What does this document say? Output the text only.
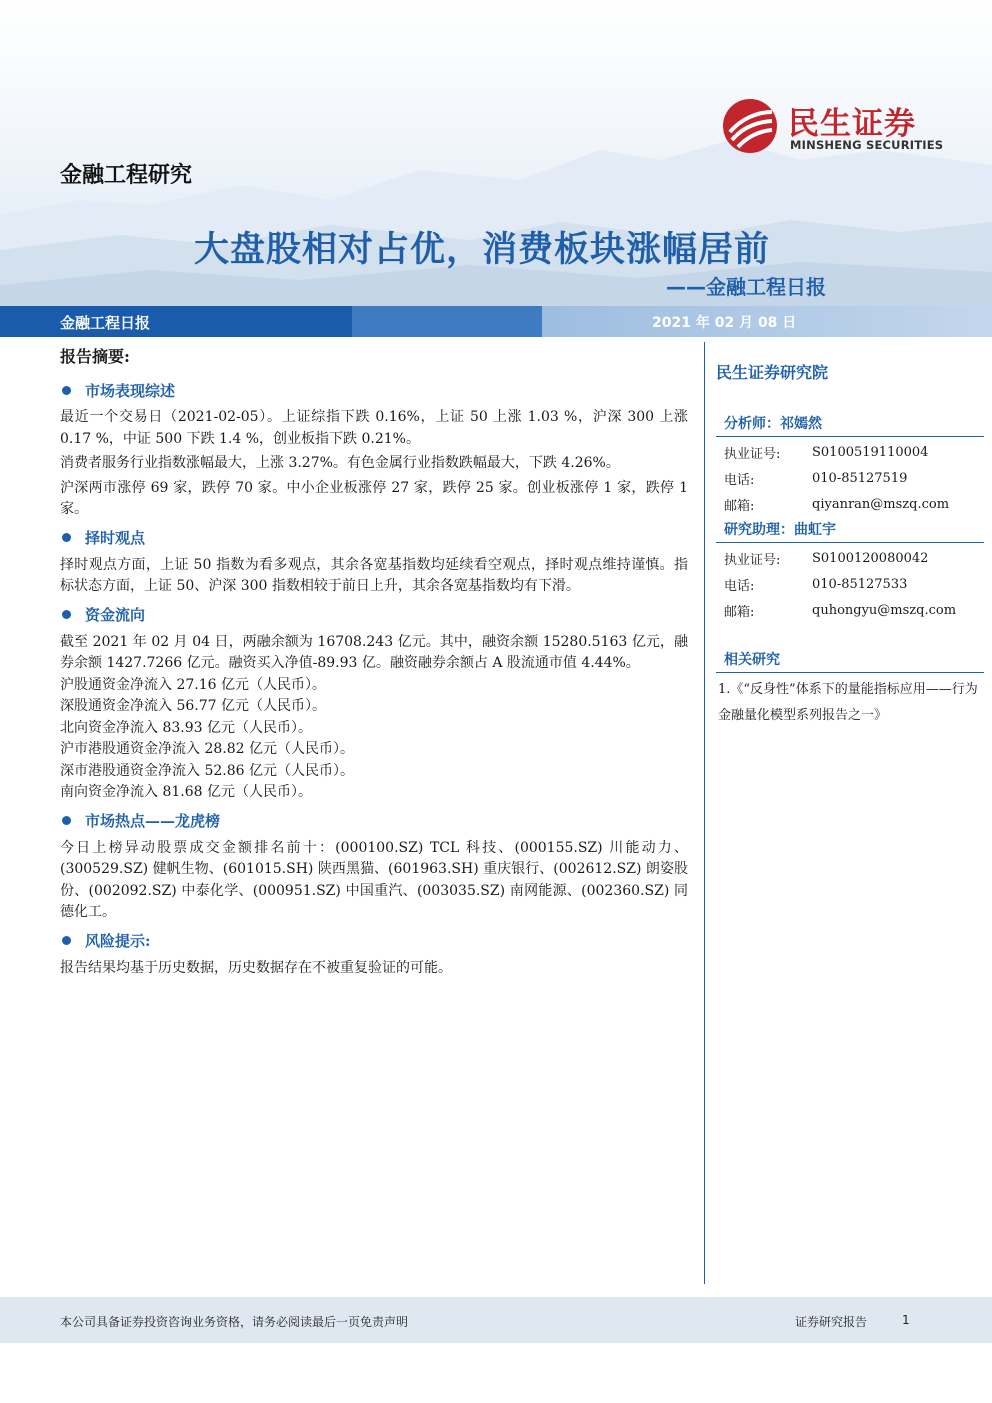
民生证券
MINSHENG SECURITIES
金融工程研究
大盘股相对占优，消费板块涨幅居前
——金融工程日报
金融工程日报	2021 年 02 月 08 日
报告摘要:
市场表现综述
最近一个交易日（2021-02-05）。上证综指下跌 0.16%，上证 50 上涨 1.03 %，沪深 300 上涨 0.17 %，中证 500 下跌 1.4 %，创业板指下跌 0.21%。
消费者服务行业指数涨幅最大，上涨 3.27%。有色金属行业指数跌幅最大，下跌 4.26%。
沪深两市涨停 69 家，跌停 70 家。中小企业板涨停 27 家，跌停 25 家。创业板涨停 1 家，跌停 1 家。
择时观点
择时观点方面，上证 50 指数为看多观点，其余各宽基指数均延续看空观点，择时观点维持谨慎。指标状态方面，上证 50、沪深 300 指数相较于前日上升，其余各宽基指数均有下滑。
资金流向
截至 2021 年 02 月 04 日，两融余额为 16708.243 亿元。其中，融资余额 15280.5163 亿元，融券余额 1427.7266 亿元。融资买入净值-89.93 亿。融资融券余额占 A 股流通市值 4.44%。
沪股通资金净流入 27.16 亿元（人民币）。
深股通资金净流入 56.77 亿元（人民币）。
北向资金净流入 83.93 亿元（人民币）。
沪市港股通资金净流入 28.82 亿元（人民币）。
深市港股通资金净流入 52.86 亿元（人民币）。
南向资金净流入 81.68 亿元（人民币）。
市场热点——龙虎榜
今日上榜异动股票成交金额排名前十：(000100.SZ) TCL 科技、(000155.SZ) 川能动力、(300529.SZ) 健帆生物、(601015.SH) 陕西黑猫、(601963.SH) 重庆银行、(002612.SZ) 朗姿股份、(002092.SZ) 中泰化学、(000951.SZ) 中国重汽、(003035.SZ) 南网能源、(002360.SZ) 同德化工。
风险提示:
报告结果均基于历史数据，历史数据存在不被重复验证的可能。
民生证券研究院
分析师：祁嫣然
执业证号:	S0100519110004
电话:	010-85127519
邮箱:	qiyanran@mszq.com
研究助理：曲虹宇
执业证号:	S0100120080042
电话:	010-85127533
邮箱:	quhongyu@mszq.com
相关研究
1.《“反身性”体系下的量能指标应用——行为金融量化模型系列报告之一》
本公司具备证券投资咨询业务资格，请务必阅读最后一页免责声明	证券研究报告	1
